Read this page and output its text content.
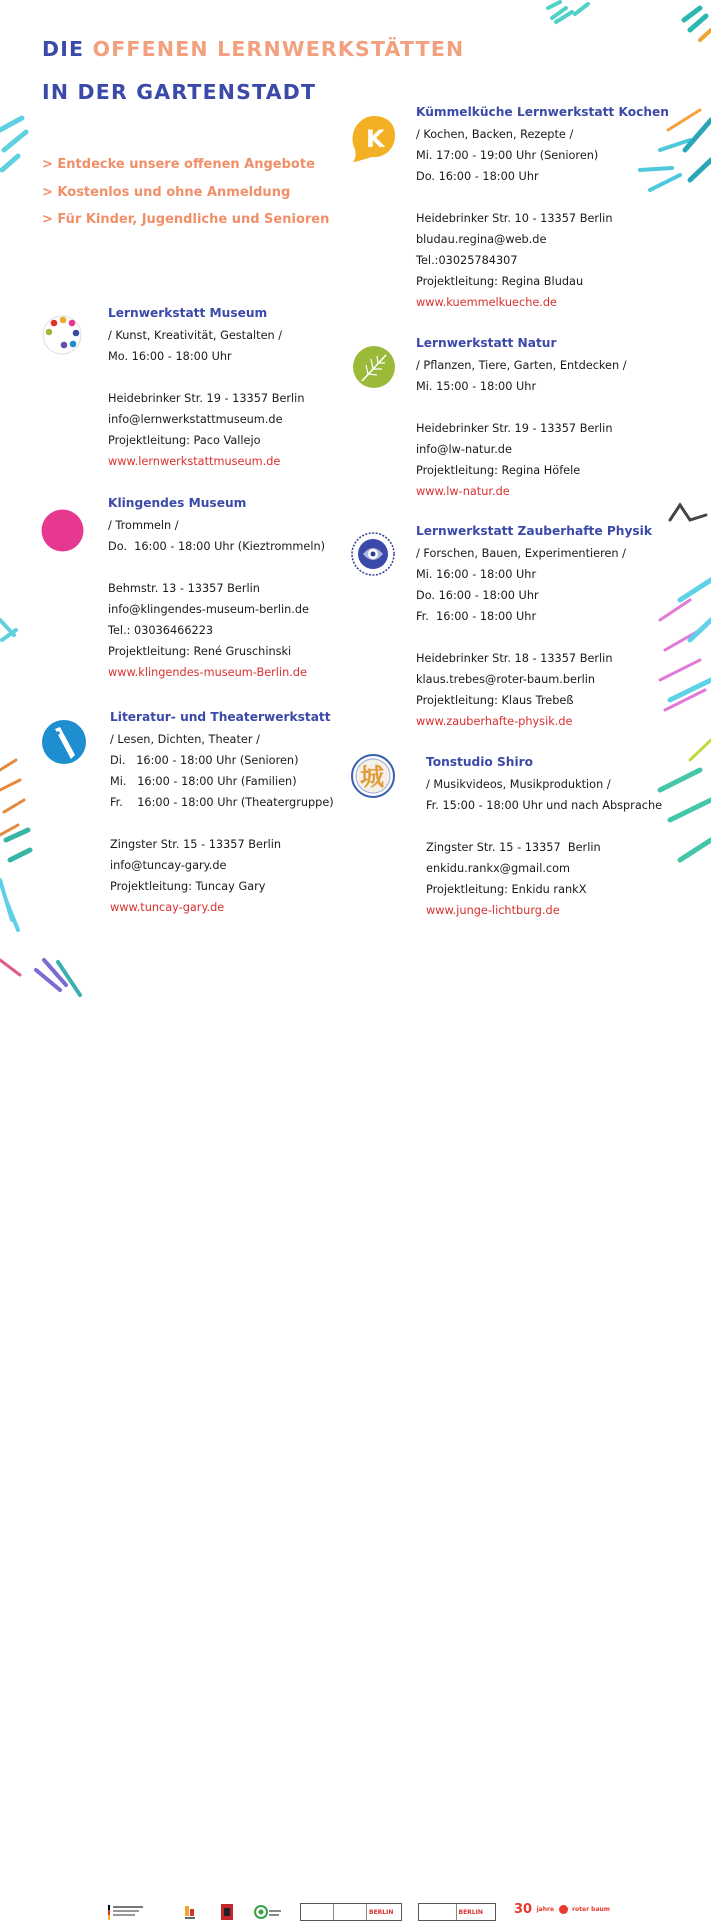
DIE OFFENEN LERNWERKSTÄTTEN
IN DER GARTENSTADT
> Entdecke unsere offenen Angebote
> Kostenlos und ohne Anmeldung
> Für Kinder, Jugendliche und Senioren
K
城
Lernwerkstatt Museum
/ Kunst, Kreativität, Gestalten /
Mo. 16:00 - 18:00 Uhr
Heidebrinker Str. 19 - 13357 Berlin
info@lernwerkstattmuseum.de
Projektleitung: Paco Vallejo
www.lernwerkstattmuseum.de
Klingendes Museum
/ Trommeln /
Do.  16:00 - 18:00 Uhr (Kieztrommeln)
Behmstr. 13 - 13357 Berlin
info@klingendes-museum-berlin.de
Tel.: 03036466223
Projektleitung: René Gruschinski
www.klingendes-museum-Berlin.de
Literatur- und Theaterwerkstatt
/ Lesen, Dichten, Theater /
Di.   16:00 - 18:00 Uhr (Senioren)
Mi.   16:00 - 18:00 Uhr (Familien)
Fr.    16:00 - 18:00 Uhr (Theatergruppe)
Zingster Str. 15 - 13357 Berlin
info@tuncay-gary.de
Projektleitung: Tuncay Gary
www.tuncay-gary.de
Kümmelküche Lernwerkstatt Kochen
/ Kochen, Backen, Rezepte /
Mi. 17:00 - 19:00 Uhr (Senioren)
Do. 16:00 - 18:00 Uhr
Heidebrinker Str. 10 - 13357 Berlin
bludau.regina@web.de
Tel.:03025784307
Projektleitung: Regina Bludau
www.kuemmelkueche.de
Lernwerkstatt Natur
/ Pflanzen, Tiere, Garten, Entdecken /
Mi. 15:00 - 18:00 Uhr
Heidebrinker Str. 19 - 13357 Berlin
info@lw-natur.de
Projektleitung: Regina Höfele
www.lw-natur.de
Lernwerkstatt Zauberhafte Physik
/ Forschen, Bauen, Experimentieren /
Mi. 16:00 - 18:00 Uhr
Do. 16:00 - 18:00 Uhr
Fr.  16:00 - 18:00 Uhr
Heidebrinker Str. 18 - 13357 Berlin
klaus.trebes@roter-baum.berlin
Projektleitung: Klaus Trebeß
www.zauberhafte-physik.de
Tonstudio Shiro
/ Musikvideos, Musikproduktion /
Fr. 15:00 - 18:00 Uhr und nach Absprache
Zingster Str. 15 - 13357  Berlin
enkidu.rankx@gmail.com
Projektleitung: Enkidu rankX
www.junge-lichtburg.de
BERLIN	BERLIN	30 jahre	roter baum
